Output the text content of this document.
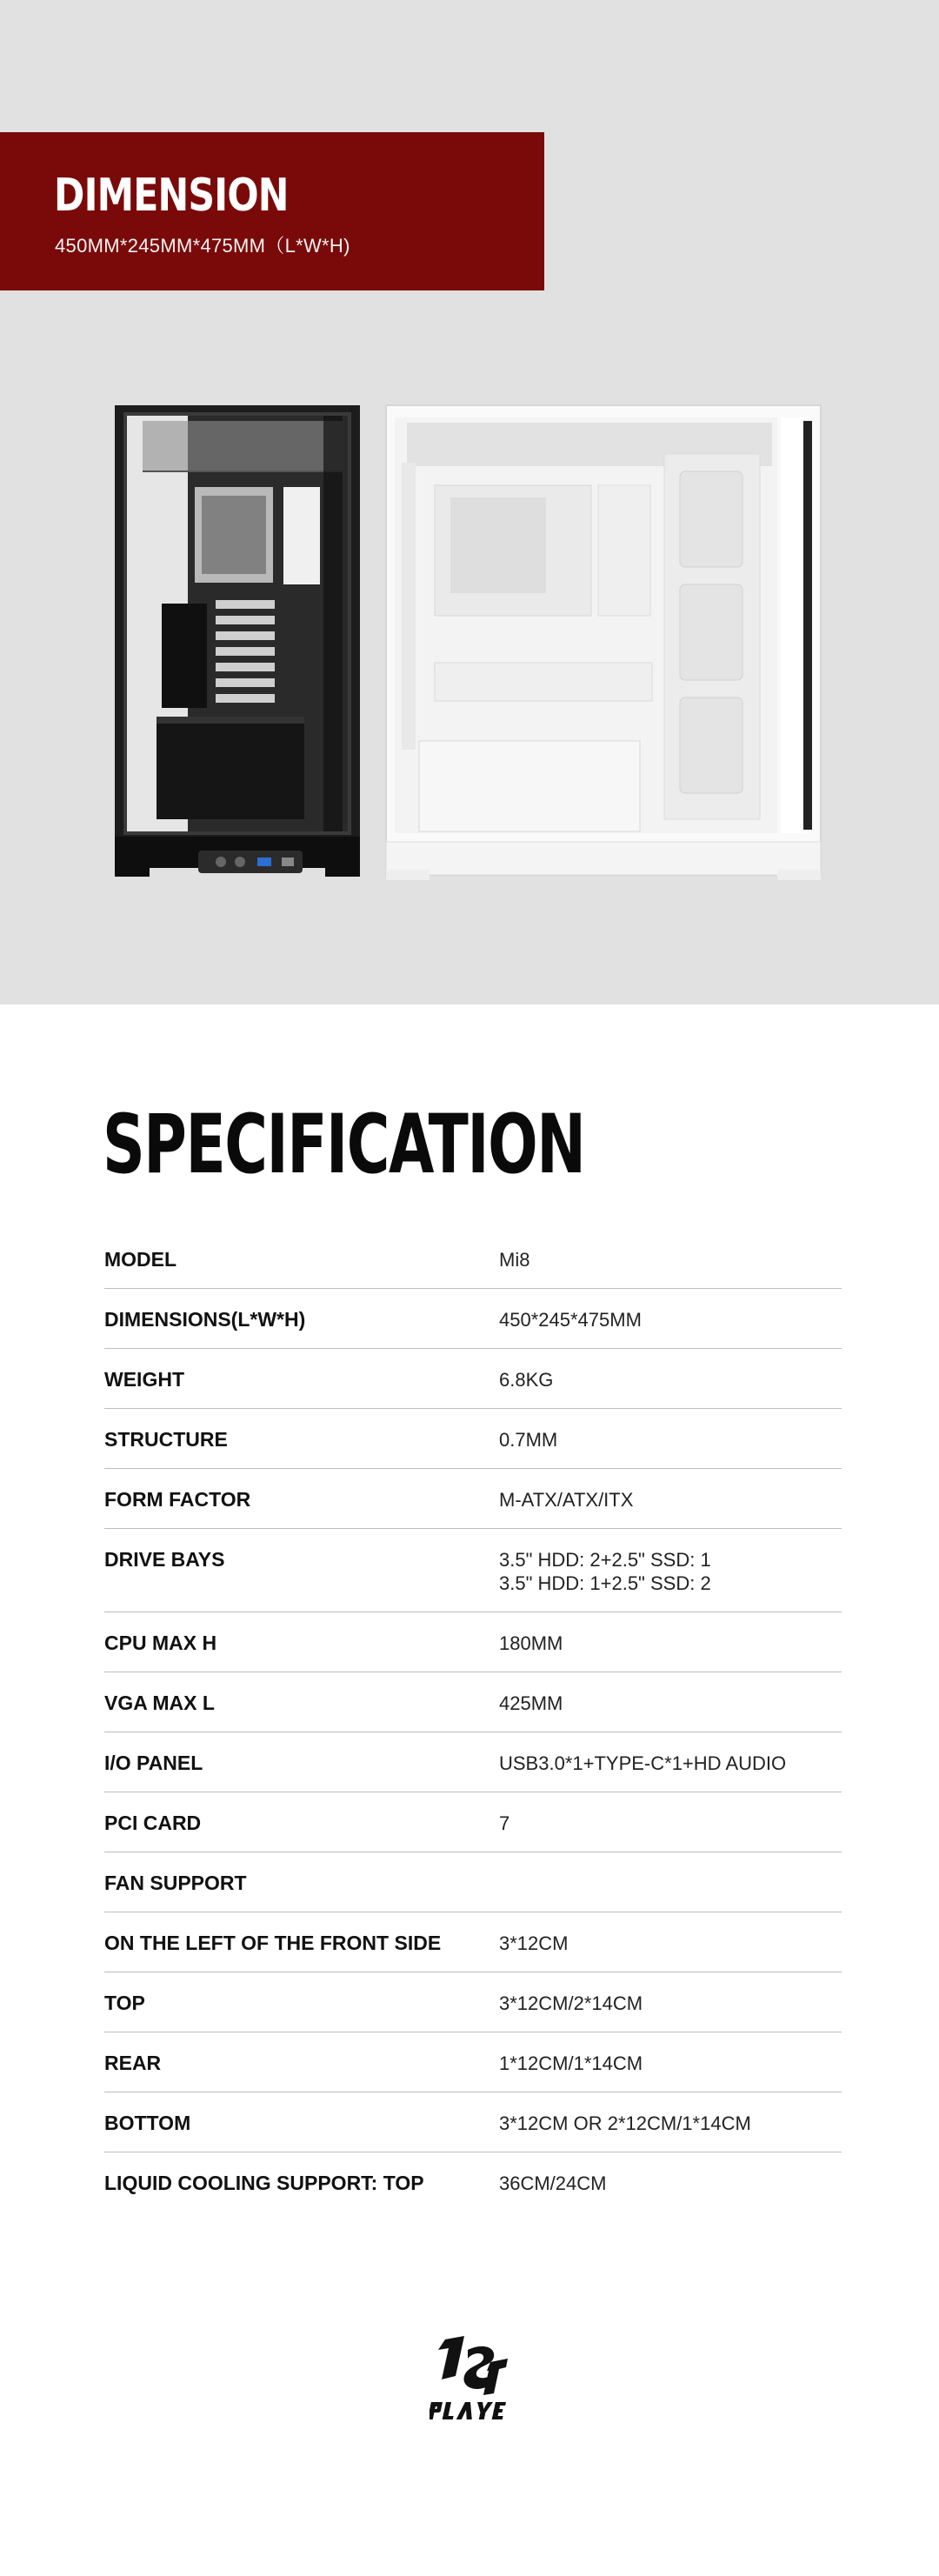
DIMENSION
450MM*245MM*475MM（L*W*H)
SPECIFICATION
MODEL	Mi8
DIMENSIONS(L*W*H)	450*245*475MM
WEIGHT	6.8KG
STRUCTURE	0.7MM
FORM FACTOR	M-ATX/ATX/ITX
DRIVE BAYS	3.5" HDD: 2+2.5" SSD: 1
3.5" HDD: 1+2.5" SSD: 2
CPU MAX H	180MM
VGA MAX L	425MM
I/O PANEL	USB3.0*1+TYPE-C*1+HD AUDIO
PCI CARD	7
FAN SUPPORT
ON THE LEFT OF THE FRONT SIDE	3*12CM
TOP	3*12CM/2*14CM
REAR	1*12CM/1*14CM
BOTTOM	3*12CM OR 2*12CM/1*14CM
LIQUID COOLING SUPPORT: TOP	36CM/24CM
